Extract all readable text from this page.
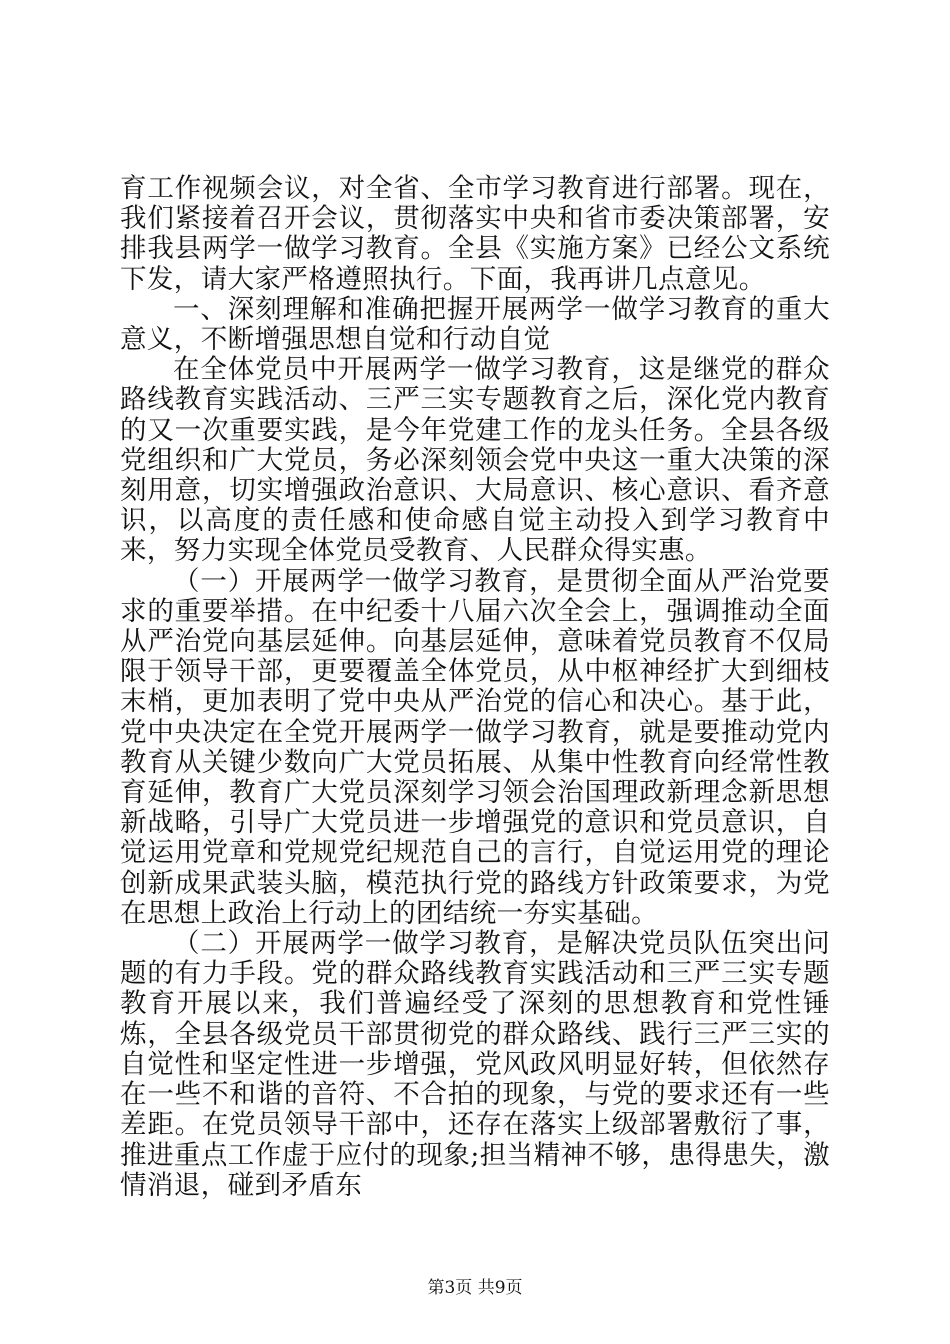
育工作视频会议，对全省、全市学习教育进行部署。现在，我们紧接着召开会议，贯彻落实中央和省市委决策部署，安排我县两学一做学习教育。全县《实施方案》已经公文系统下发，请大家严格遵照执行。下面，我再讲几点意见。

一、深刻理解和准确把握开展两学一做学习教育的重大意义，不断增强思想自觉和行动自觉

在全体党员中开展两学一做学习教育，这是继党的群众路线教育实践活动、三严三实专题教育之后，深化党内教育的又一次重要实践，是今年党建工作的龙头任务。全县各级党组织和广大党员，务必深刻领会党中央这一重大决策的深刻用意，切实增强政治意识、大局意识、核心意识、看齐意识，以高度的责任感和使命感自觉主动投入到学习教育中来，努力实现全体党员受教育、人民群众得实惠。

（一）开展两学一做学习教育，是贯彻全面从严治党要求的重要举措。在中纪委十八届六次全会上，强调推动全面从严治党向基层延伸。向基层延伸，意味着党员教育不仅局限于领导干部，更要覆盖全体党员，从中枢神经扩大到细枝末梢，更加表明了党中央从严治党的信心和决心。基于此，党中央决定在全党开展两学一做学习教育，就是要推动党内教育从关键少数向广大党员拓展、从集中性教育向经常性教育延伸，教育广大党员深刻学习领会治国理政新理念新思想新战略，引导广大党员进一步增强党的意识和党员意识，自觉运用党章和党规党纪规范自己的言行，自觉运用党的理论创新成果武装头脑，模范执行党的路线方针政策要求，为党在思想上政治上行动上的团结统一夯实基础。

（二）开展两学一做学习教育，是解决党员队伍突出问题的有力手段。党的群众路线教育实践活动和三严三实专题教育开展以来，我们普遍经受了深刻的思想教育和党性锤炼，全县各级党员干部贯彻党的群众路线、践行三严三实的自觉性和坚定性进一步增强，党风政风明显好转，但依然存在一些不和谐的音符、不合拍的现象，与党的要求还有一些差距。在党员领导干部中，还存在落实上级部署敷衍了事，推进重点工作虚于应付的现象;担当精神不够，患得患失，激情消退，碰到矛盾东

第3页 共9页
